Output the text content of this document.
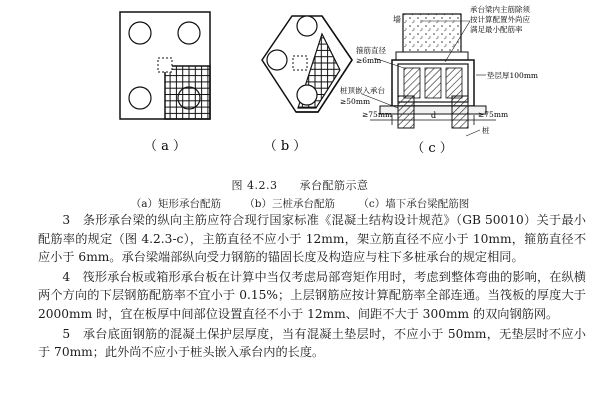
（ a ）	（ b ）	（ c ）
墙
承台梁内主筋除须
按计算配置外尚应
满足最小配筋率
箍筋直径
≥6mm
垫层厚100mm
桩顶嵌入承台
≥50mm
≥75mm	≥75mm
d
桩
图 4.2.3 承台配筋示意
（a）矩形承台配筋 （b）三桩承台配筋 （c）墙下承台梁配筋图

3　条形承台梁的纵向主筋应符合现行国家标准《混凝土结构设计规范》（GB 50010）关于最小配筋率的规定（图 4.2.3-c），主筋直径不应小于 12mm，架立筋直径不应小于 10mm，箍筋直径不应小于 6mm。承台梁端部纵向受力钢筋的锚固长度及构造应与柱下多桩承台的规定相同。

4　筏形承台板或箱形承台板在计算中当仅考虑局部弯矩作用时，考虑到整体弯曲的影响，在纵横两个方向的下层钢筋配筋率不宜小于 0.15%；上层钢筋应按计算配筋率全部连通。当筏板的厚度大于 2000mm 时，宜在板厚中间部位设置直径不小于 12mm、间距不大于 300mm 的双向钢筋网。

5　承台底面钢筋的混凝土保护层厚度，当有混凝土垫层时，不应小于 50mm，无垫层时不应小于 70mm；此外尚不应小于桩头嵌入承台内的长度。
